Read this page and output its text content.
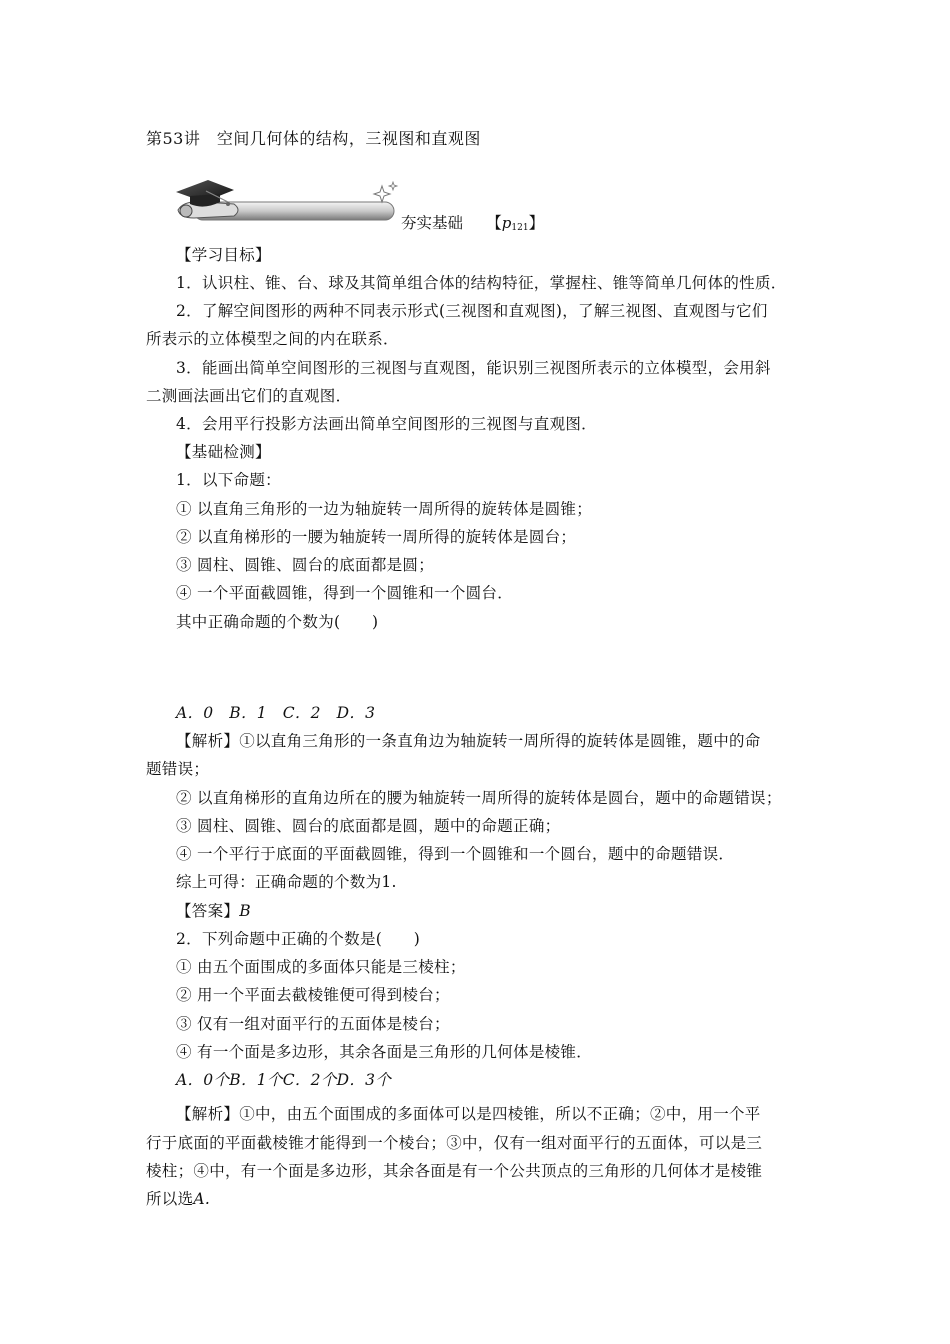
第53讲　空间几何体的结构，三视图和直观图
夯实基础　　 【p121】
【学习目标】
1．认识柱、锥、台、球及其简单组合体的结构特征，掌握柱、锥等简单几何体的性质．
2．了解空间图形的两种不同表示形式(三视图和直观图)，了解三视图、直观图与它们
所表示的立体模型之间的内在联系．
3．能画出简单空间图形的三视图与直观图，能识别三视图所表示的立体模型，会用斜
二测画法画出它们的直观图．
4．会用平行投影方法画出简单空间图形的三视图与直观图．
【基础检测】
1．以下命题：
① 以直角三角形的一边为轴旋转一周所得的旋转体是圆锥；
② 以直角梯形的一腰为轴旋转一周所得的旋转体是圆台；
③ 圆柱、圆锥、圆台的底面都是圆；
④ 一个平面截圆锥，得到一个圆锥和一个圆台．
其中正确命题的个数为(　　)
A．0　B．1　C．2　D．3
【解析】①以直角三角形的一条直角边为轴旋转一周所得的旋转体是圆锥，题中的命
题错误；
② 以直角梯形的直角边所在的腰为轴旋转一周所得的旋转体是圆台，题中的命题错误；
③ 圆柱、圆锥、圆台的底面都是圆，题中的命题正确；
④ 一个平行于底面的平面截圆锥，得到一个圆锥和一个圆台，题中的命题错误．
综上可得：正确命题的个数为1.
【答案】B
2．下列命题中正确的个数是(　　)
① 由五个面围成的多面体只能是三棱柱；
② 用一个平面去截棱锥便可得到棱台；
③ 仅有一组对面平行的五面体是棱台；
④ 有一个面是多边形，其余各面是三角形的几何体是棱锥．
A．0个B．1个C．2个D．3个
【解析】①中，由五个面围成的多面体可以是四棱锥，所以不正确；②中，用一个平
行于底面的平面截棱锥才能得到一个棱台；③中，仅有一组对面平行的五面体，可以是三
棱柱；④中，有一个面是多边形，其余各面是有一个公共顶点的三角形的几何体才是棱锥
所以选A.
